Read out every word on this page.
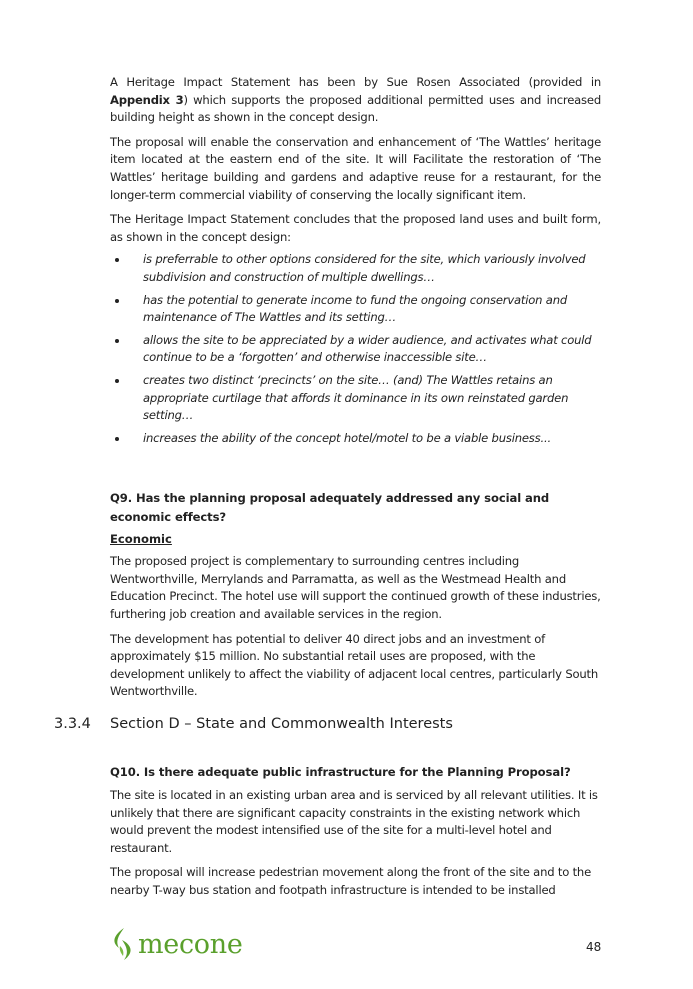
A Heritage Impact Statement has been by Sue Rosen Associated (provided in Appendix 3) which supports the proposed additional permitted uses and increased building height as shown in the concept design.

The proposal will enable the conservation and enhancement of ‘The Wattles’ heritage item located at the eastern end of the site. It will Facilitate the restoration of ‘The Wattles’ heritage building and gardens and adaptive reuse for a restaurant, for the longer-term commercial viability of conserving the locally significant item.

The Heritage Impact Statement concludes that the proposed land uses and built form, as shown in the concept design:

is preferrable to other options considered for the site, which variously involved subdivision and construction of multiple dwellings…
has the potential to generate income to fund the ongoing conservation and maintenance of The Wattles and its setting…
allows the site to be appreciated by a wider audience, and activates what could continue to be a ‘forgotten’ and otherwise inaccessible site…
creates two distinct ‘precincts’ on the site… (and) The Wattles retains an appropriate curtilage that affords it dominance in its own reinstated garden setting…
increases the ability of the concept hotel/motel to be a viable business...

Q9. Has the planning proposal adequately addressed any social and economic effects?

Economic

The proposed project is complementary to surrounding centres including Wentworthville, Merrylands and Parramatta, as well as the Westmead Health and Education Precinct. The hotel use will support the continued growth of these industries, furthering job creation and available services in the region.

The development has potential to deliver 40 direct jobs and an investment of approximately $15 million. No substantial retail uses are proposed, with the development unlikely to affect the viability of adjacent local centres, particularly South Wentworthville.

Q10. Is there adequate public infrastructure for the Planning Proposal?

The site is located in an existing urban area and is serviced by all relevant utilities. It is unlikely that there are significant capacity constraints in the existing network which would prevent the modest intensified use of the site for a multi-level hotel and restaurant.

The proposal will increase pedestrian movement along the front of the site and to the nearby T-way bus station and footpath infrastructure is intended to be installed

3.3.4 Section D – State and Commonwealth Interests
mecone	48
